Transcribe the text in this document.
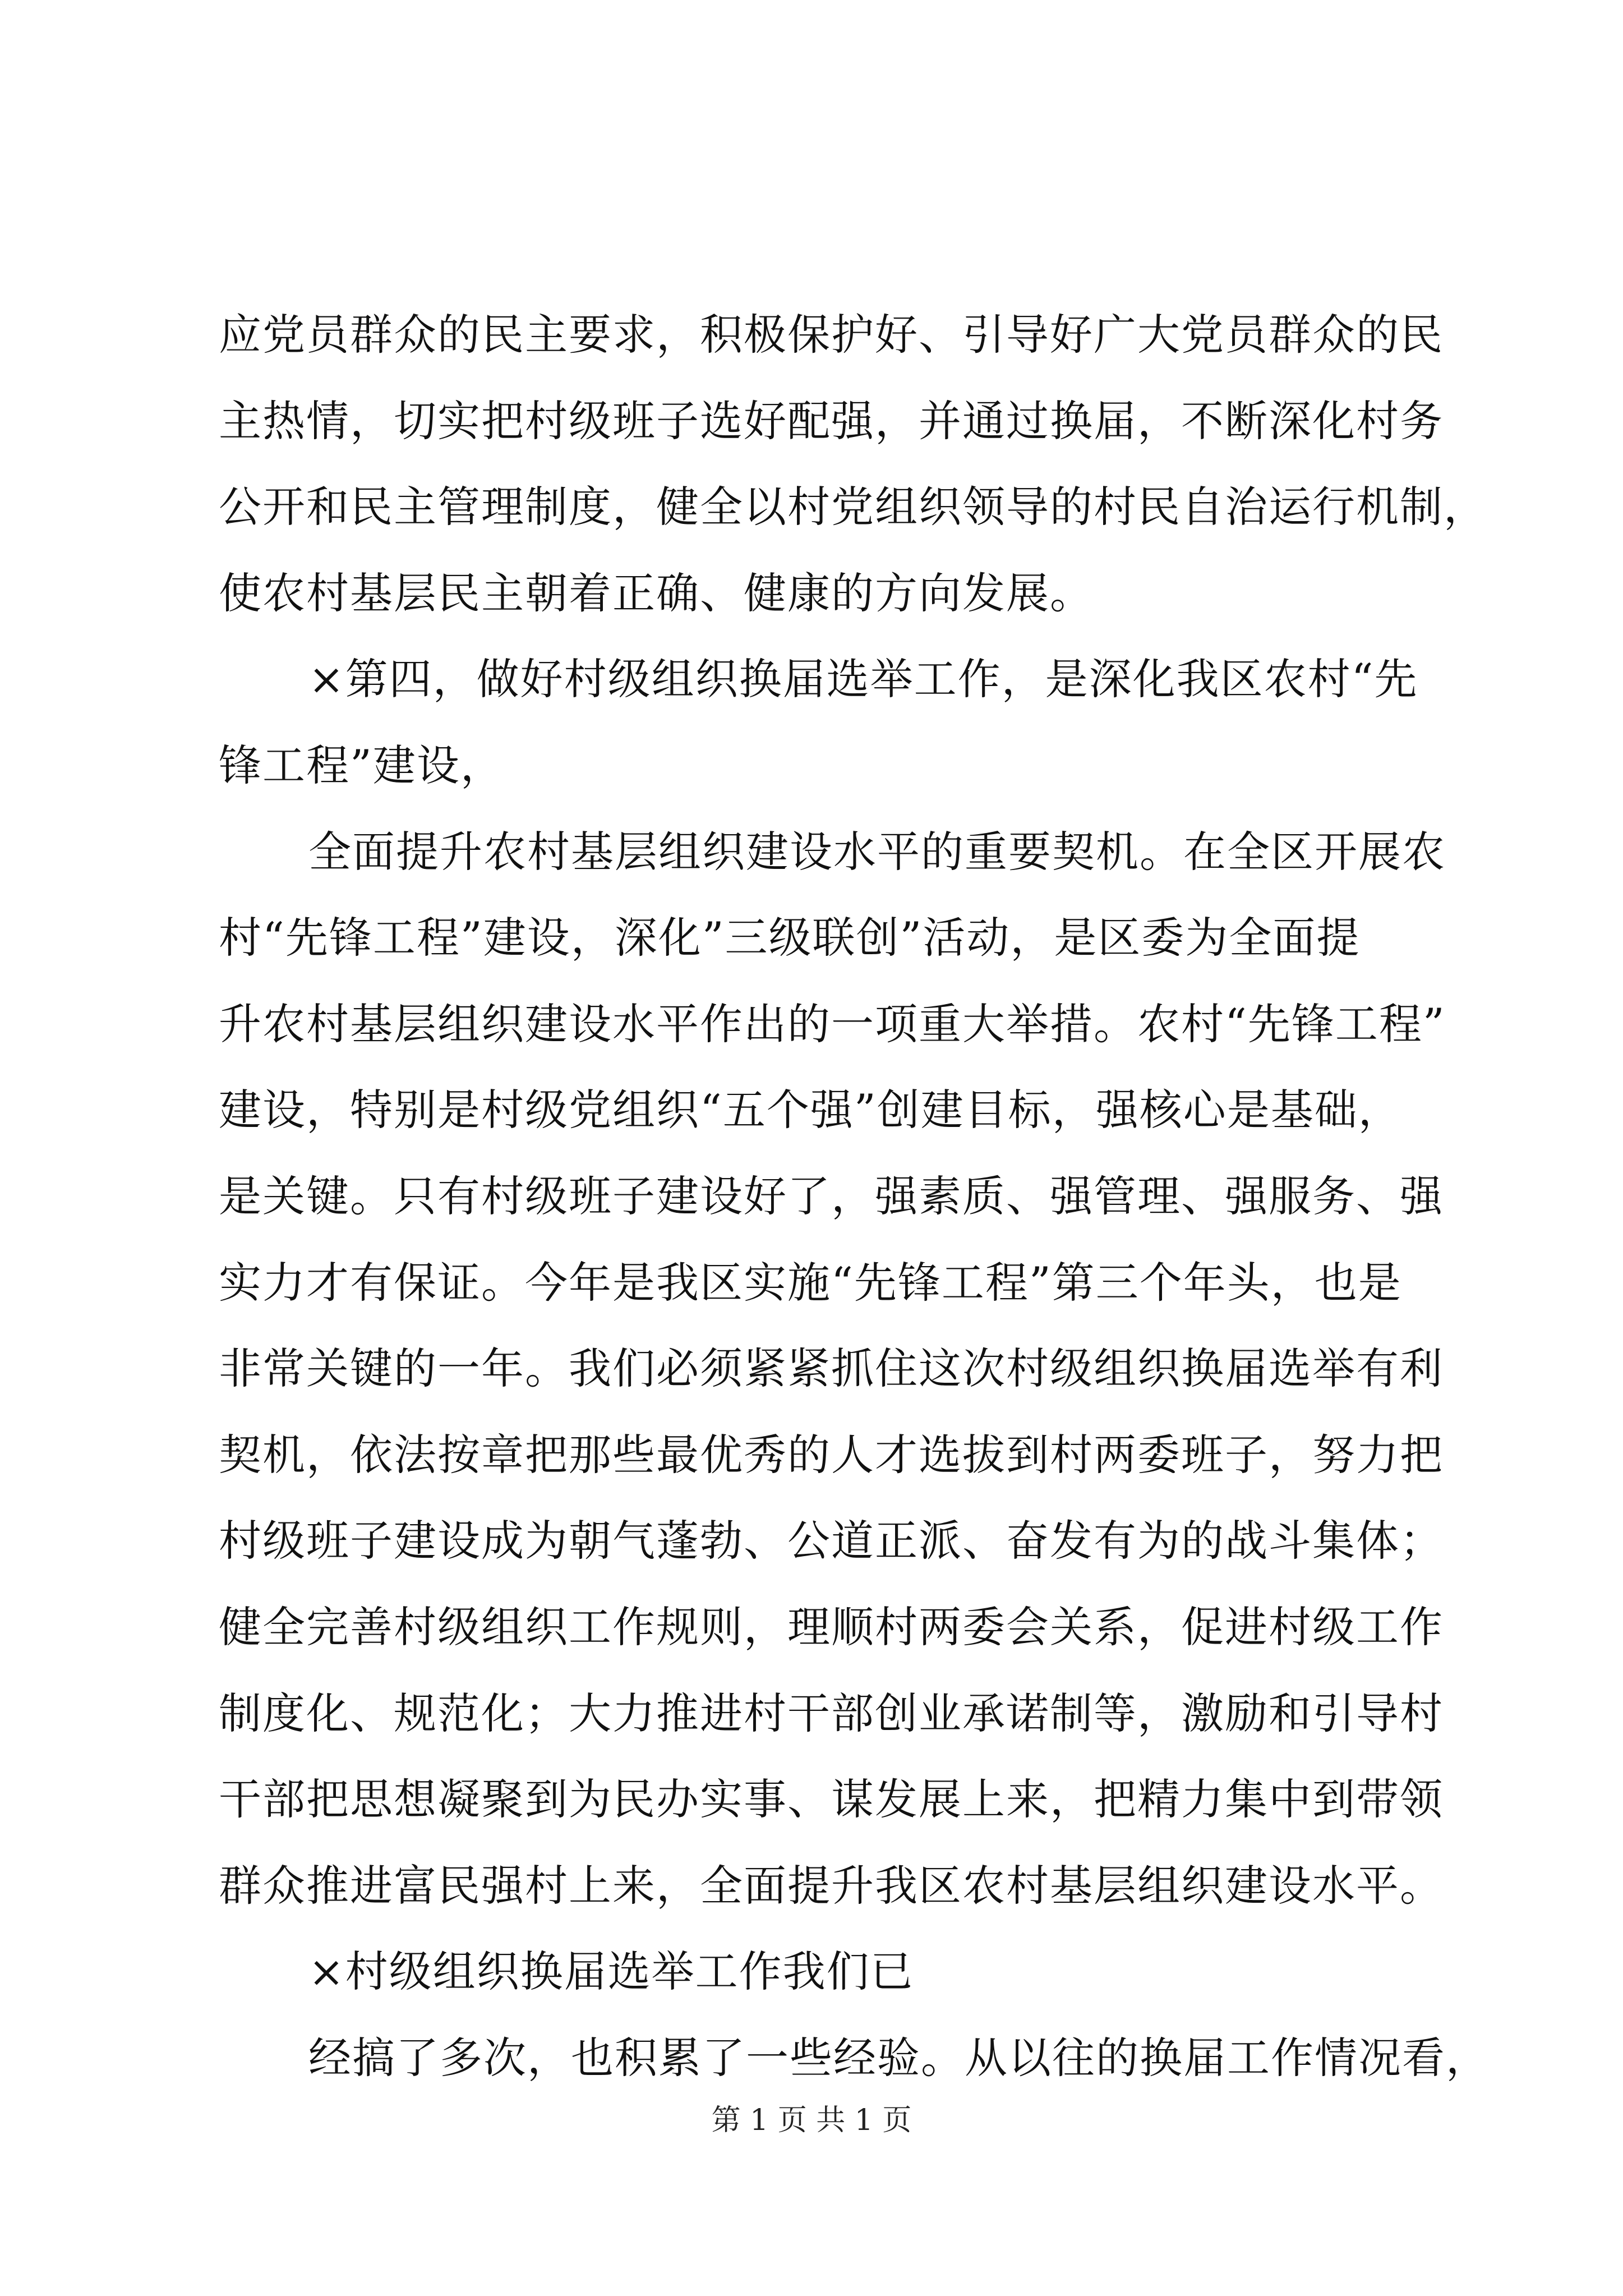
应党员群众的民主要求，积极保护好、引导好广大党员群众的民
主热情，切实把村级班子选好配强，并通过换届，不断深化村务
公开和民主管理制度，健全以村党组织领导的村民自治运行机制，
使农村基层民主朝着正确、健康的方向发展。
×第四，做好村级组织换届选举工作，是深化我区农村“先
锋工程”建设，
全面提升农村基层组织建设水平的重要契机。在全区开展农
村“先锋工程”建设，深化”三级联创”活动，是区委为全面提
升农村基层组织建设水平作出的一项重大举措。农村“先锋工程”
建设，特别是村级党组织“五个强”创建目标，强核心是基础，
是关键。只有村级班子建设好了，强素质、强管理、强服务、强
实力才有保证。今年是我区实施“先锋工程”第三个年头，也是
非常关键的一年。我们必须紧紧抓住这次村级组织换届选举有利
契机，依法按章把那些最优秀的人才选拔到村两委班子，努力把
村级班子建设成为朝气蓬勃、公道正派、奋发有为的战斗集体；
健全完善村级组织工作规则，理顺村两委会关系，促进村级工作
制度化、规范化；大力推进村干部创业承诺制等，激励和引导村
干部把思想凝聚到为民办实事、谋发展上来，把精力集中到带领
群众推进富民强村上来，全面提升我区农村基层组织建设水平。
×村级组织换届选举工作我们已
经搞了多次，也积累了一些经验。从以往的换届工作情况看，
第 1 页 共 1 页
